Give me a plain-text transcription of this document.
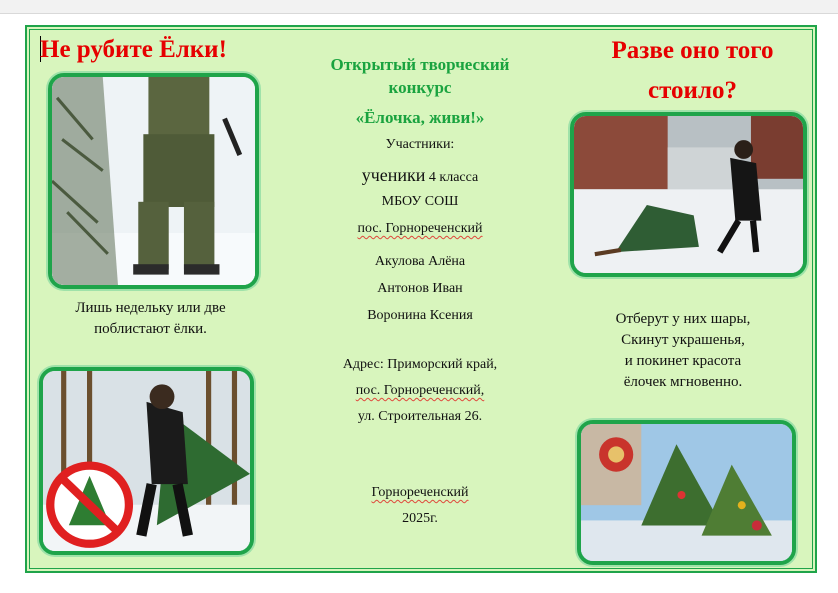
Не рубите Ёлки!
Лишь недельку или две
поблистают ёлки.
Открытый творческий
конкурс
«Ёлочка, живи!»
Участники:
ученики 4 класса
МБОУ СОШ
пос. Горнореченский
Акулова Алёна
Антонов Иван
Воронина Ксения
Адрес: Приморский край,
пос. Горнореченский,
ул. Строительная 26.
Горнореченский
2025г.
Разве оно того
стоило?
Отберут у них шары,
Скинут украшенья,
и покинет красота
ёлочек мгновенно.
